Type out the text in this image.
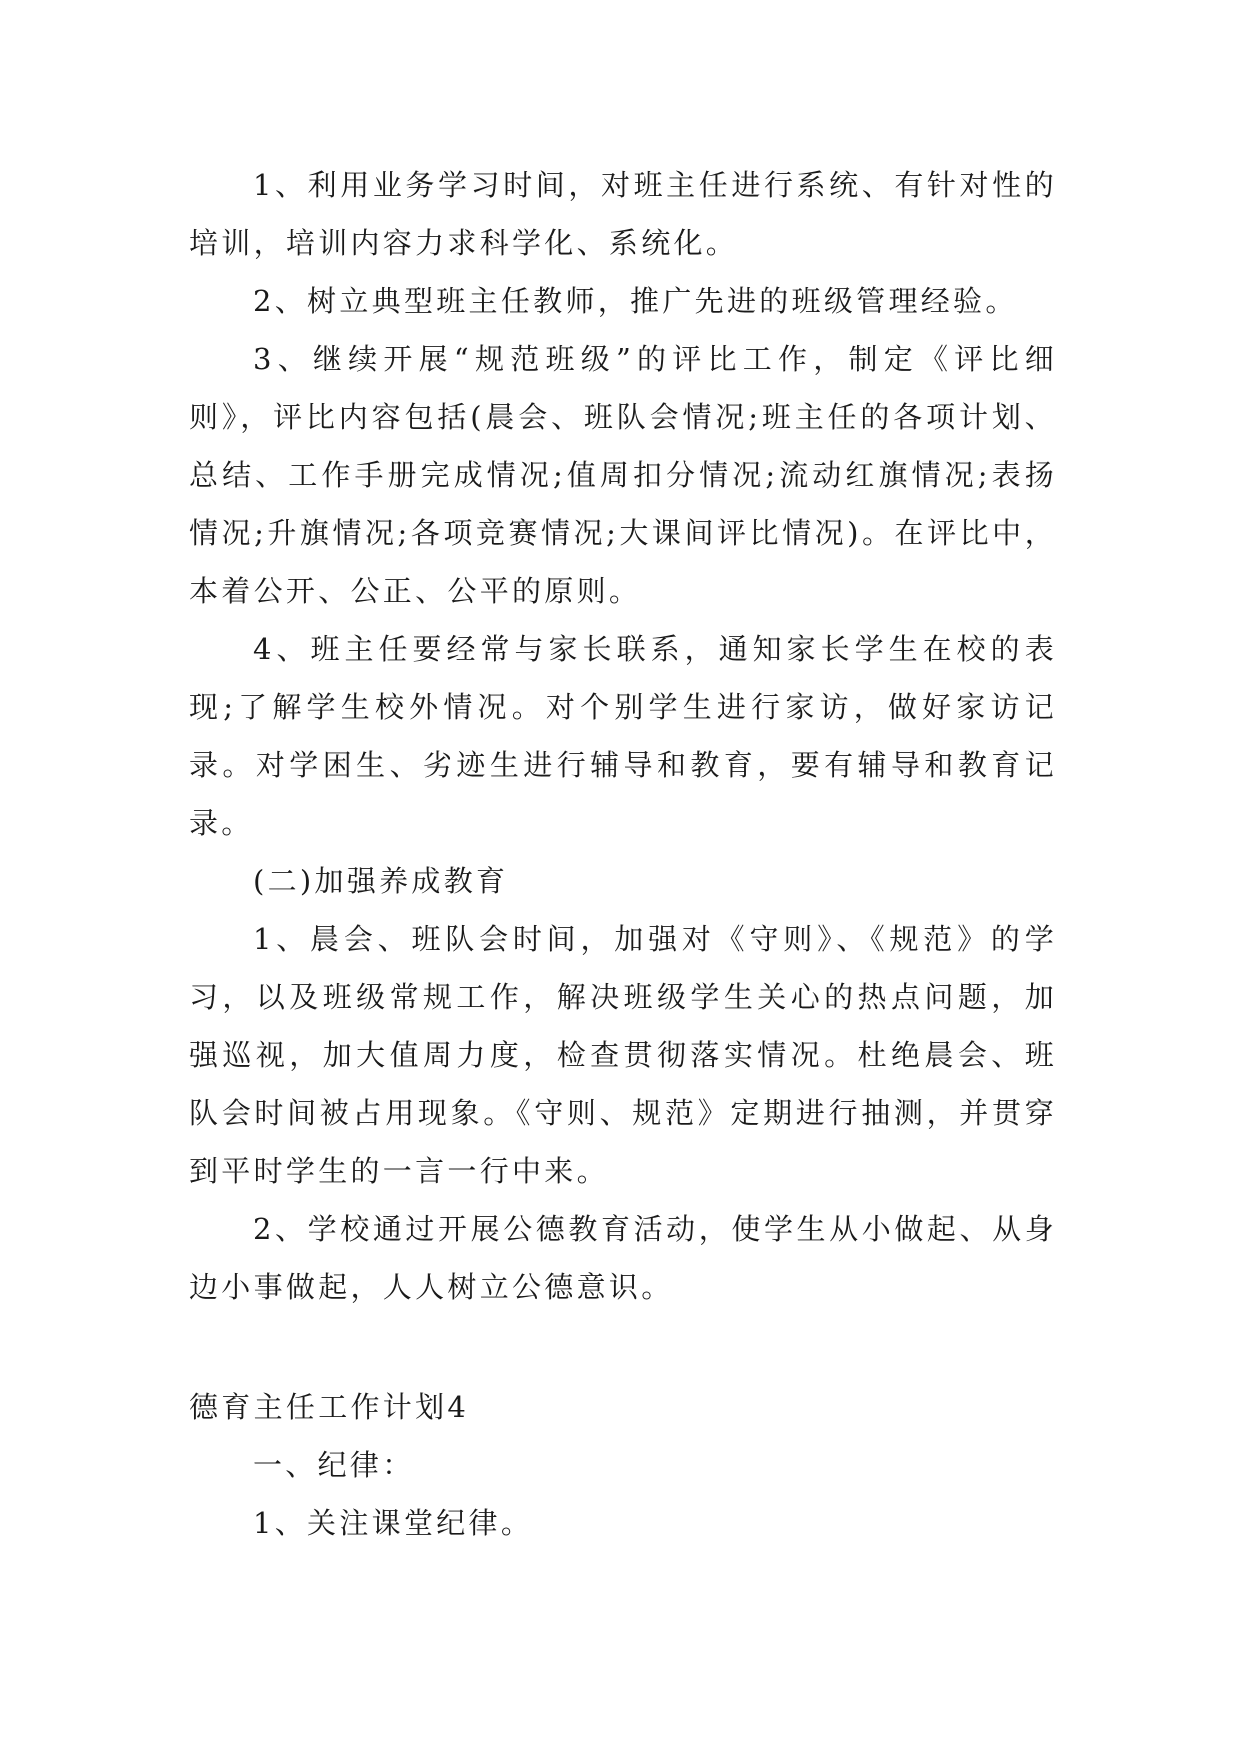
1、利用业务学习时间，对班主任进行系统、有针对性的培训，培训内容力求科学化、系统化。

2、树立典型班主任教师，推广先进的班级管理经验。

3、继续开展“规范班级”的评比工作，制定《评比细则》，评比内容包括(晨会、班队会情况;班主任的各项计划、总结、工作手册完成情况;值周扣分情况;流动红旗情况;表扬情况;升旗情况;各项竞赛情况;大课间评比情况)。在评比中，本着公开、公正、公平的原则。

4、班主任要经常与家长联系，通知家长学生在校的表现;了解学生校外情况。对个别学生进行家访，做好家访记录。对学困生、劣迹生进行辅导和教育，要有辅导和教育记录。

(二)加强养成教育

1、晨会、班队会时间，加强对《守则》、《规范》的学习，以及班级常规工作，解决班级学生关心的热点问题，加强巡视，加大值周力度，检查贯彻落实情况。杜绝晨会、班队会时间被占用现象。《守则、规范》定期进行抽测，并贯穿到平时学生的一言一行中来。

2、学校通过开展公德教育活动，使学生从小做起、从身边小事做起，人人树立公德意识。

德育主任工作计划4

一、纪律：

1、关注课堂纪律。
